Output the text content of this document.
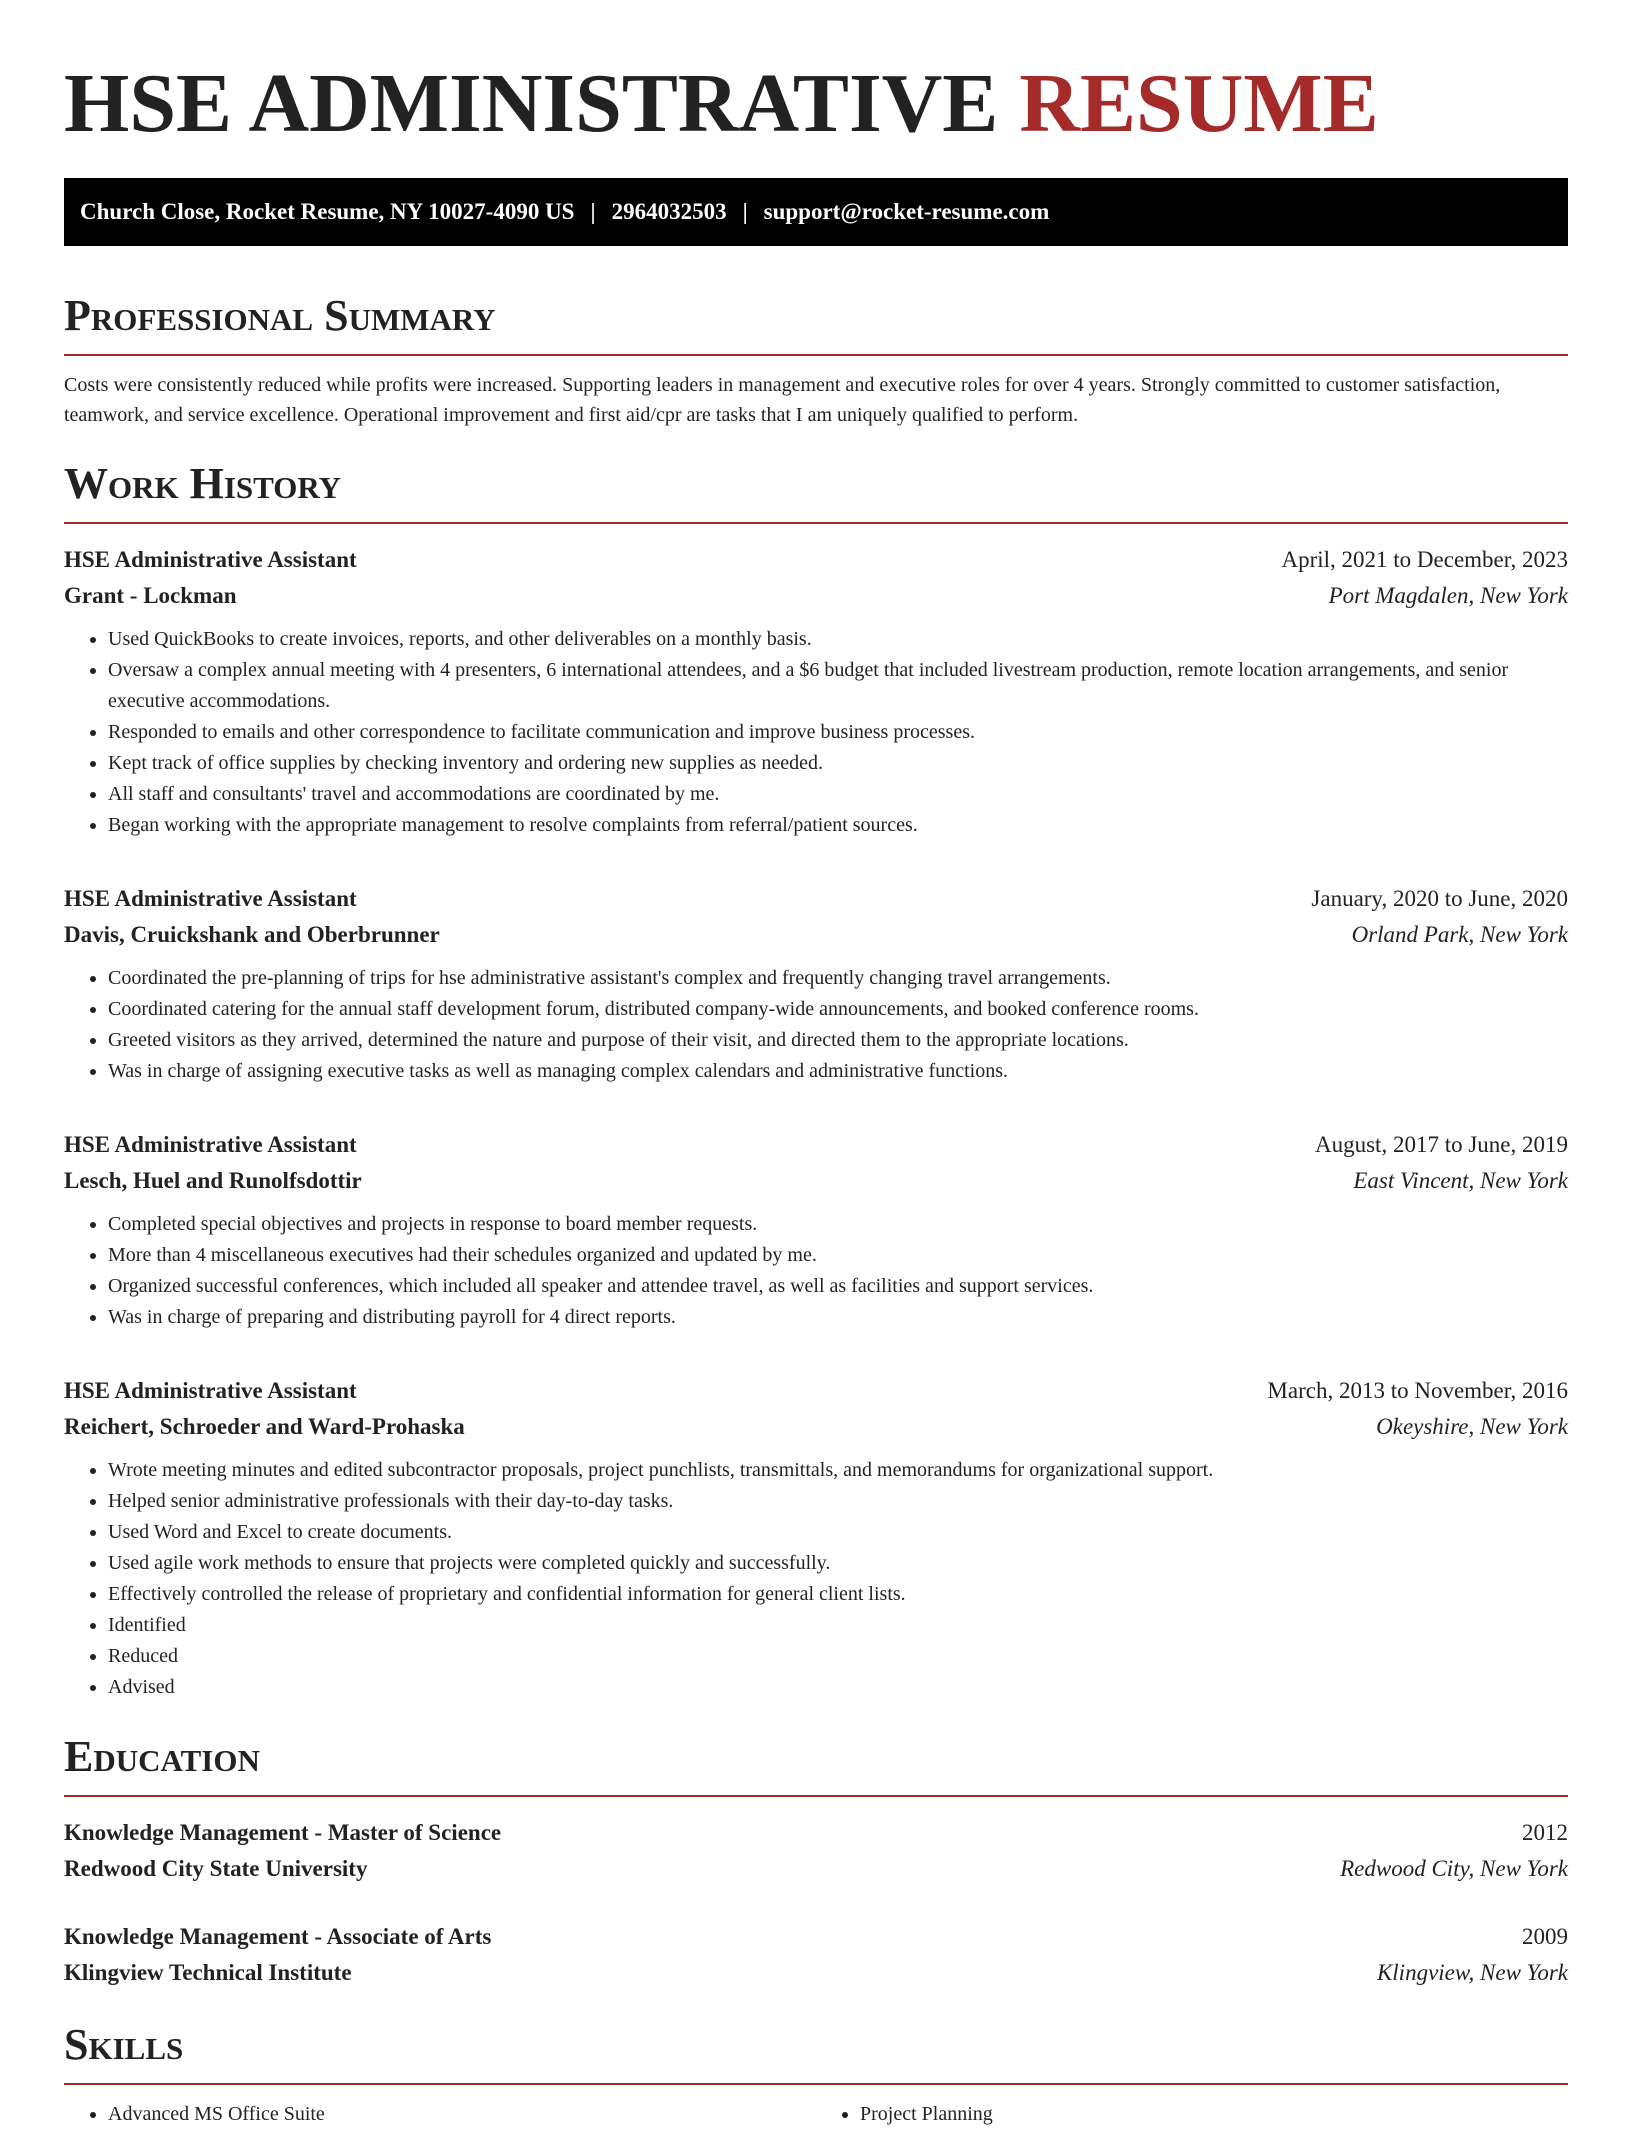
HSE ADMINISTRATIVE RESUME
Church Close, Rocket Resume, NY 10027-4090 US | 2964032503 | support@rocket-resume.com
Professional Summary

Costs were consistently reduced while profits were increased. Supporting leaders in management and executive roles for over 4 years. Strongly committed to customer satisfaction, teamwork, and service excellence. Operational improvement and first aid/cpr are tasks that I am uniquely qualified to perform.

Work History
HSE Administrative Assistant	April, 2021 to December, 2023
Grant - Lockman	Port Magdalen, New York
• Used QuickBooks to create invoices, reports, and other deliverables on a monthly basis.
• Oversaw a complex annual meeting with 4 presenters, 6 international attendees, and a $6 budget that included livestream production, remote location arrangements, and senior executive accommodations.
• Responded to emails and other correspondence to facilitate communication and improve business processes.
• Kept track of office supplies by checking inventory and ordering new supplies as needed.
• All staff and consultants' travel and accommodations are coordinated by me.
• Began working with the appropriate management to resolve complaints from referral/patient sources.
HSE Administrative Assistant	January, 2020 to June, 2020
Davis, Cruickshank and Oberbrunner	Orland Park, New York
• Coordinated the pre-planning of trips for hse administrative assistant's complex and frequently changing travel arrangements.
• Coordinated catering for the annual staff development forum, distributed company-wide announcements, and booked conference rooms.
• Greeted visitors as they arrived, determined the nature and purpose of their visit, and directed them to the appropriate locations.
• Was in charge of assigning executive tasks as well as managing complex calendars and administrative functions.
HSE Administrative Assistant	August, 2017 to June, 2019
Lesch, Huel and Runolfsdottir	East Vincent, New York
• Completed special objectives and projects in response to board member requests.
• More than 4 miscellaneous executives had their schedules organized and updated by me.
• Organized successful conferences, which included all speaker and attendee travel, as well as facilities and support services.
• Was in charge of preparing and distributing payroll for 4 direct reports.
HSE Administrative Assistant	March, 2013 to November, 2016
Reichert, Schroeder and Ward-Prohaska	Okeyshire, New York
• Wrote meeting minutes and edited subcontractor proposals, project punchlists, transmittals, and memorandums for organizational support.
• Helped senior administrative professionals with their day-to-day tasks.
• Used Word and Excel to create documents.
• Used agile work methods to ensure that projects were completed quickly and successfully.
• Effectively controlled the release of proprietary and confidential information for general client lists.
• Identified
• Reduced
• Advised
Education
Knowledge Management - Master of Science	2012
Redwood City State University	Redwood City, New York
Knowledge Management - Associate of Arts	2009
Klingview Technical Institute	Klingview, New York
Skills
• Advanced MS Office Suite
•	Project Planning
